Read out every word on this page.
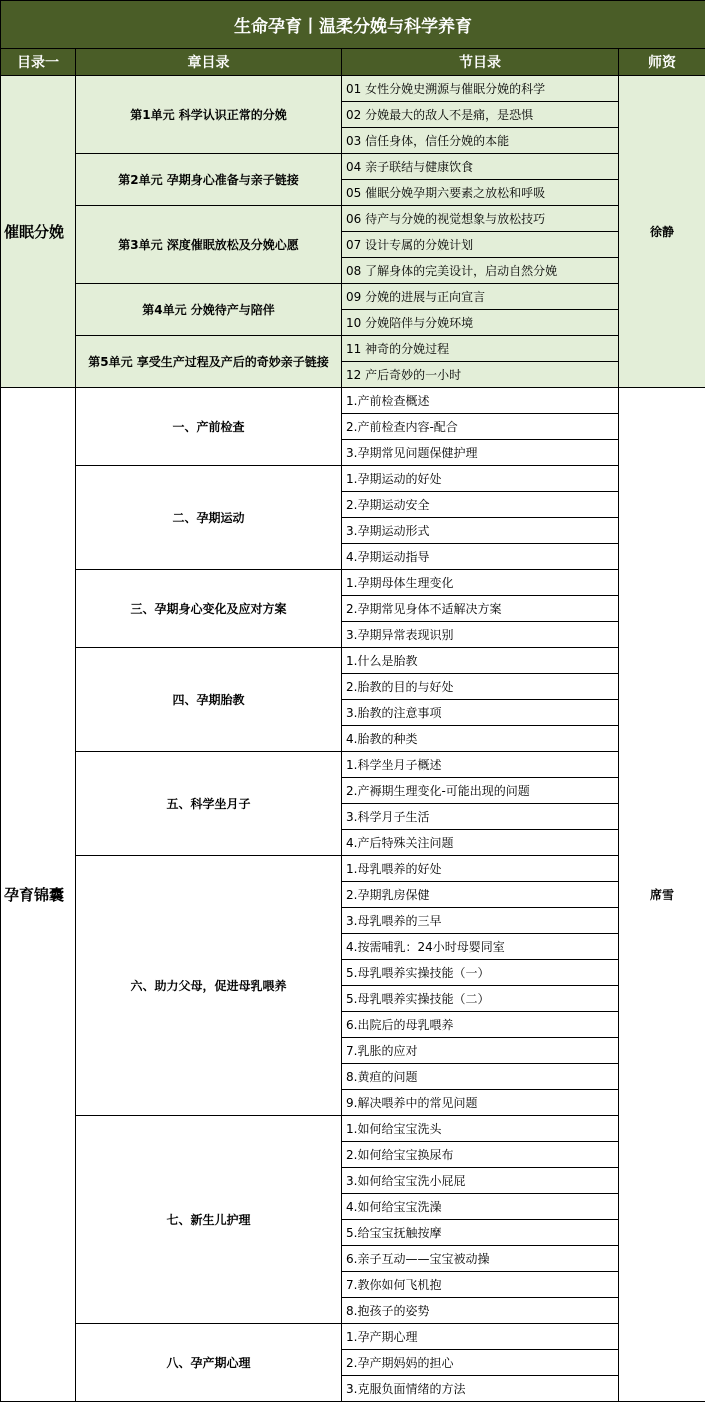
生命孕育丨温柔分娩与科学养育			
目录一	章目录	节目录	师资
催眠分娩	第1单元 科学认识正常的分娩	01 女性分娩史溯源与催眠分娩的科学	徐静
		02 分娩最大的敌人不是痛，是恐惧	
		03 信任身体，信任分娩的本能	
	第2单元 孕期身心准备与亲子链接	04 亲子联结与健康饮食	
		05 催眠分娩孕期六要素之放松和呼吸	
	第3单元 深度催眠放松及分娩心愿	06 待产与分娩的视觉想象与放松技巧	
		07 设计专属的分娩计划	
		08 了解身体的完美设计，启动自然分娩	
	第4单元 分娩待产与陪伴	09 分娩的进展与正向宣言	
		10 分娩陪伴与分娩环境	
	第5单元 享受生产过程及产后的奇妙亲子链接	11 神奇的分娩过程	
		12 产后奇妙的一小时	
孕育锦囊	一、产前检查	1.产前检查概述	席雪
		2.产前检查内容-配合	
		3.孕期常见问题保健护理	
	二、孕期运动	1.孕期运动的好处	
		2.孕期运动安全	
		3.孕期运动形式	
		4.孕期运动指导	
	三、孕期身心变化及应对方案	1.孕期母体生理变化	
		2.孕期常见身体不适解决方案	
		3.孕期异常表现识别	
	四、孕期胎教	1.什么是胎教	
		2.胎教的目的与好处	
		3.胎教的注意事项	
		4.胎教的种类	
	五、科学坐月子	1.科学坐月子概述	
		2.产褥期生理变化-可能出现的问题	
		3.科学月子生活	
		4.产后特殊关注问题	
	六、助力父母，促进母乳喂养	1.母乳喂养的好处	
		2.孕期乳房保健	
		3.母乳喂养的三早	
		4.按需哺乳：24小时母婴同室	
		5.母乳喂养实操技能（一）	
		5.母乳喂养实操技能（二）	
		6.出院后的母乳喂养	
		7.乳胀的应对	
		8.黄疸的问题	
		9.解决喂养中的常见问题	
	七、新生儿护理	1.如何给宝宝洗头	
		2.如何给宝宝换尿布	
		3.如何给宝宝洗小屁屁	
		4.如何给宝宝洗澡	
		5.给宝宝抚触按摩	
		6.亲子互动——宝宝被动操	
		7.教你如何飞机抱	
		8.抱孩子的姿势	
	八、孕产期心理	1.孕产期心理	
		2.孕产期妈妈的担心	
		3.克服负面情绪的方法	
